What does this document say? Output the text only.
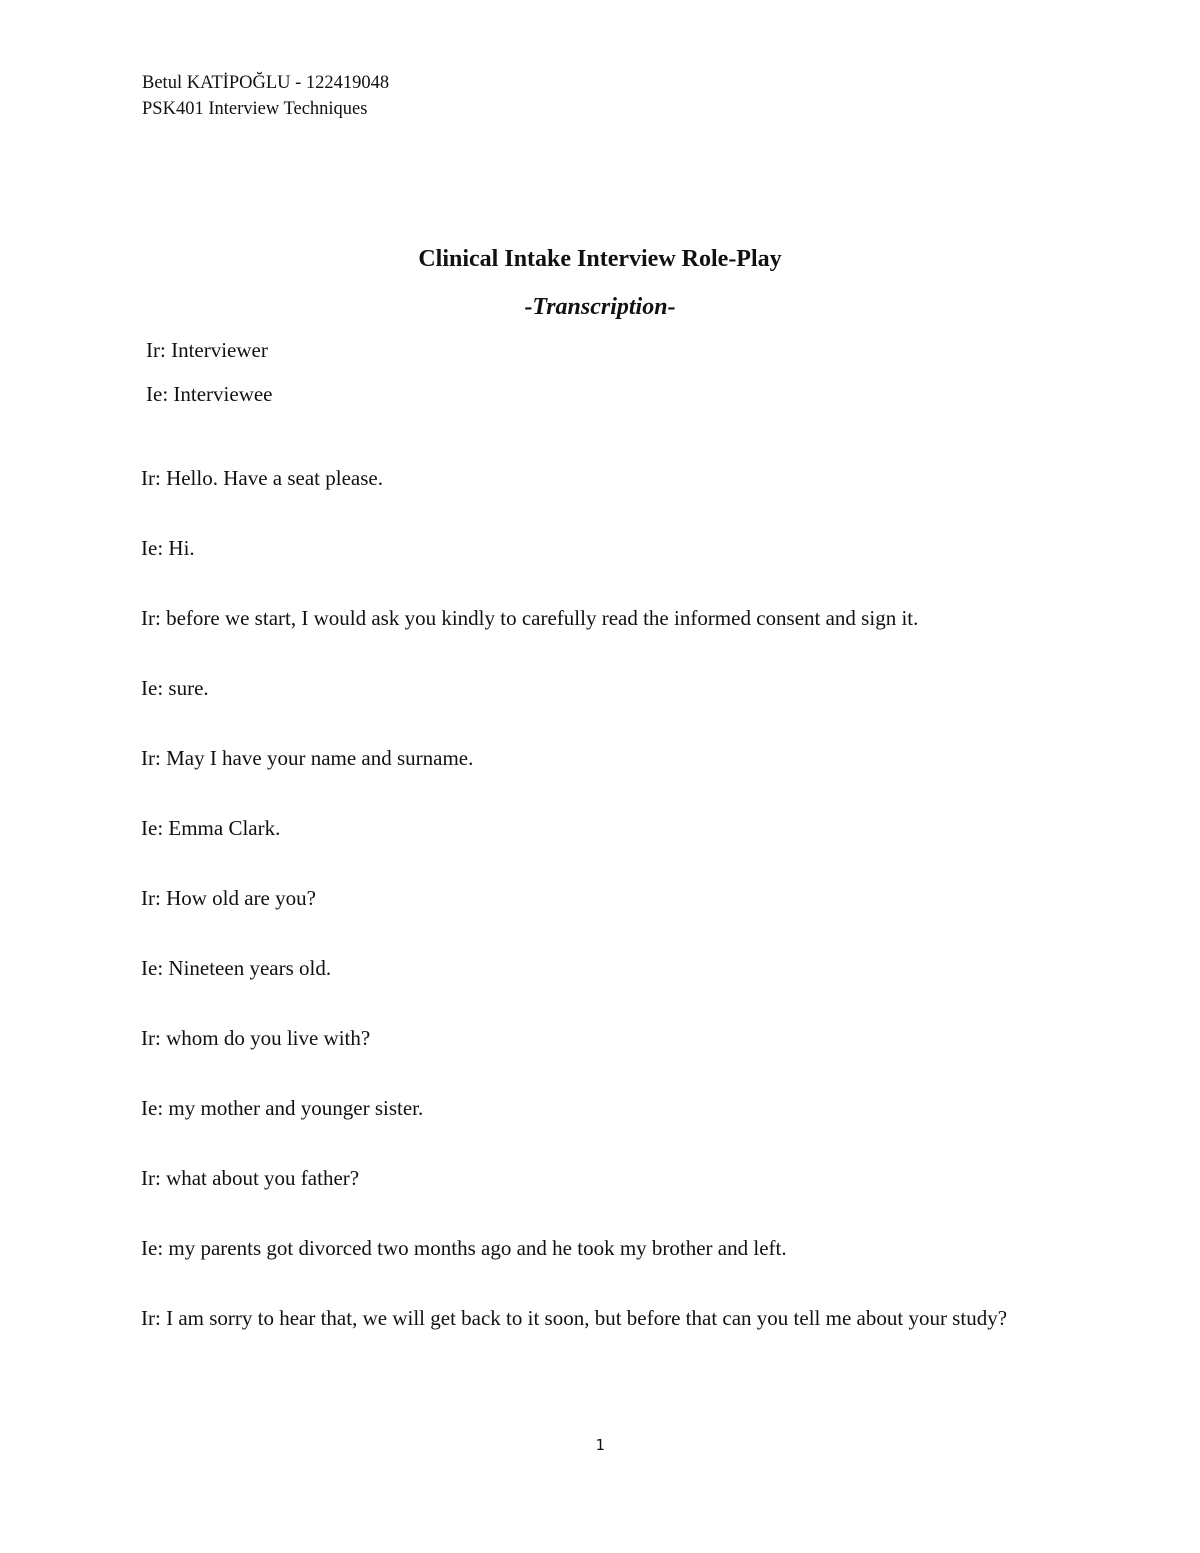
Betul KATİPOĞLU - 122419048
PSK401 Interview Techniques
Clinical Intake Interview Role-Play
-Transcription-
Ir: Interviewer
Ie: Interviewee
Ir: Hello. Have a seat please.
Ie: Hi.
Ir: before we start, I would ask you kindly to carefully read the informed consent and sign it.
Ie: sure.
Ir: May I have your name and surname.
Ie: Emma Clark.
Ir: How old are you?
Ie: Nineteen years old.
Ir: whom do you live with?
Ie: my mother and younger sister.
Ir: what about you father?
Ie: my parents got divorced two months ago and he took my brother and left.
Ir: I am sorry to hear that, we will get back to it soon, but before that can you tell me about your study?
1
